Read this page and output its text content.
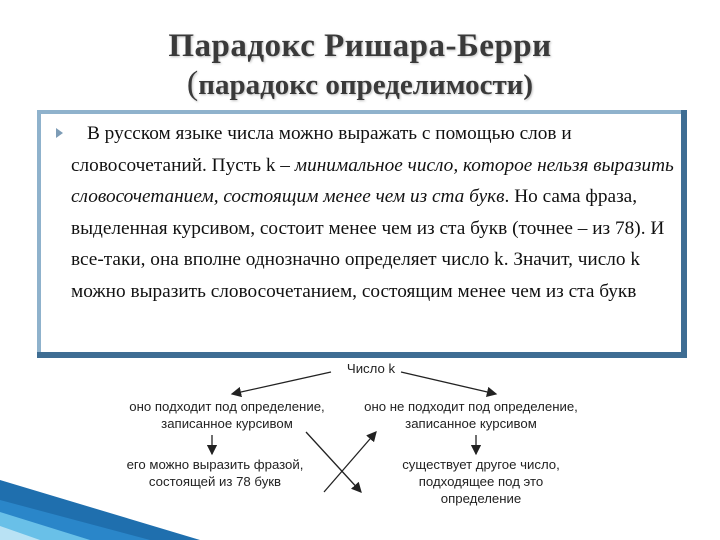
Парадокс Ришара-Берри
(парадокс определимости)
В русском языке числа можно выражать с помощью слов и словосочетаний. Пусть k – минимальное число, которое нельзя выразить словосочетанием, состоящим менее чем из ста букв. Но сама фраза, выделенная курсивом, состоит менее чем из ста букв (точнее – из 78). И все-таки, она вполне однозначно определяет число k. Значит, число k можно выразить словосочетанием, состоящим менее чем из ста букв
Число k
оно подходит под определение,
записанное курсивом
оно не подходит под определение,
записанное курсивом
его можно выразить фразой,
состоящей из 78 букв
существует другое число,
подходящее под это
определение
